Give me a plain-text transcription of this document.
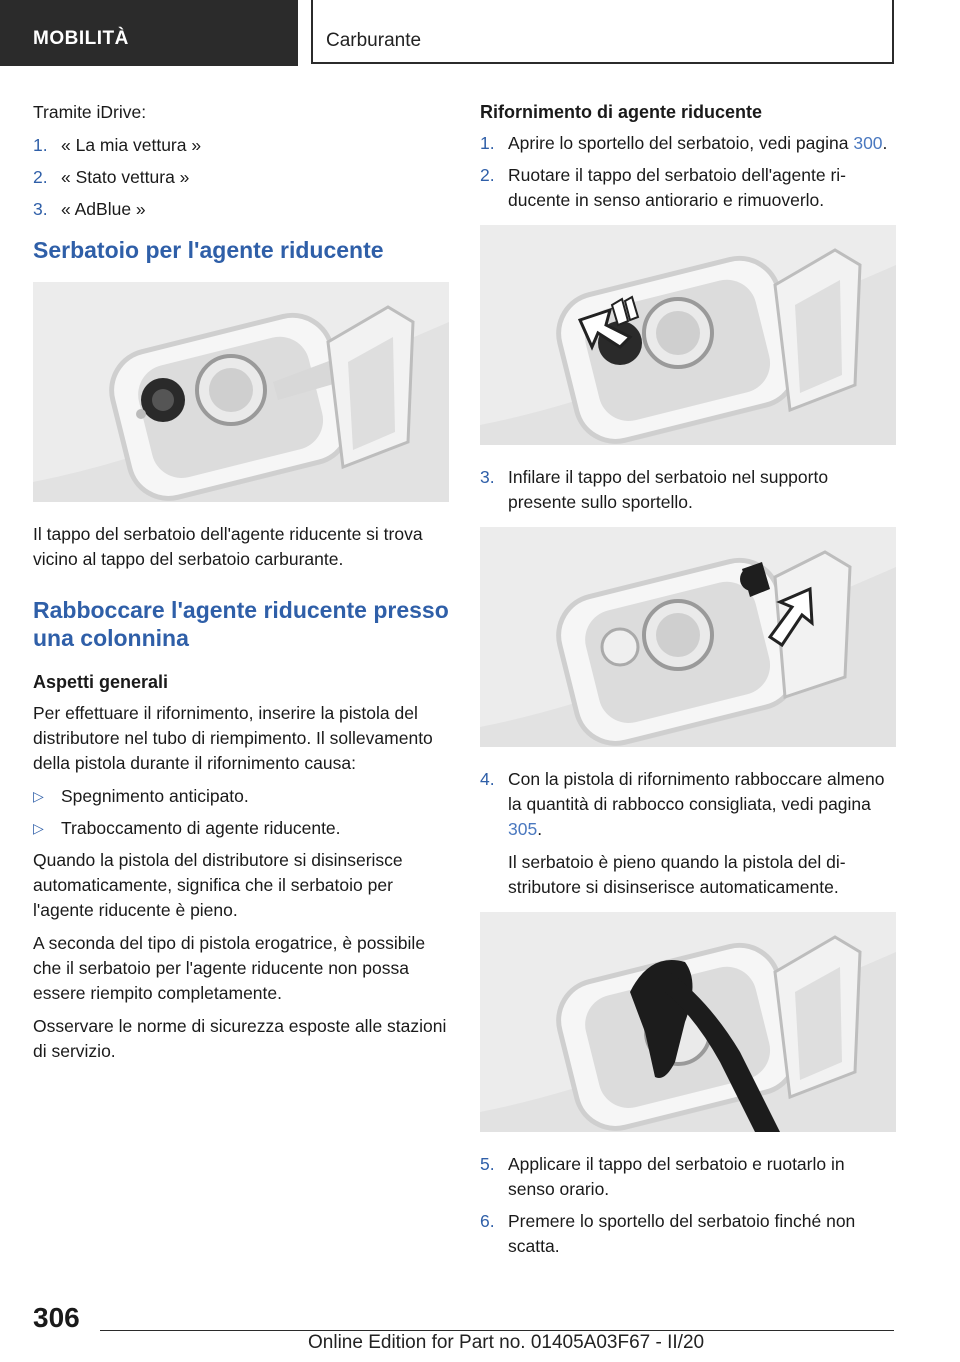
MOBILITÀ	Carburante

Tramite iDrive:

1. « La mia vettura »
2. « Stato vettura »
3. « AdBlue »
Serbatoio per l'agente riducente

Il tappo del serbatoio dell'agente riducente si trova vicino al tappo del serbatoio carburante.

Rabboccare l'agente riducente presso una colonnina
Aspetti generali

Per effettuare il rifornimento, inserire la pistola del distributore nel tubo di riempimento. Il sollevamento della pistola durante il rifornimento causa:

▷ Spegnimento anticipato.
▷ Traboccamento di agente riducente.

Quando la pistola del distributore si disinserisce automaticamente, significa che il serbatoio per l'agente riducente è pieno.

A seconda del tipo di pistola erogatrice, è possibile che il serbatoio per l'agente riducente non possa essere riempito completamente.

Osservare le norme di sicurezza esposte alle stazioni di servizio.

Rifornimento di agente riducente
1. Aprire lo sportello del serbatoio, vedi pagina 300.
2. Ruotare il tappo del serbatoio dell'agente riducente in senso antiorario e rimuoverlo.
3. Infilare il tappo del serbatoio nel supporto presente sullo sportello.
4. Con la pistola di rifornimento rabboccare almeno la quantità di rabbocco consigliata, vedi pagina 305.
Il serbatoio è pieno quando la pistola del distributore si disinserisce automaticamente.
5. Applicare il tappo del serbatoio e ruotarlo in senso orario.
6. Premere lo sportello del serbatoio finché non scatta.
306
Online Edition for Part no. 01405A03F67 - II/20
